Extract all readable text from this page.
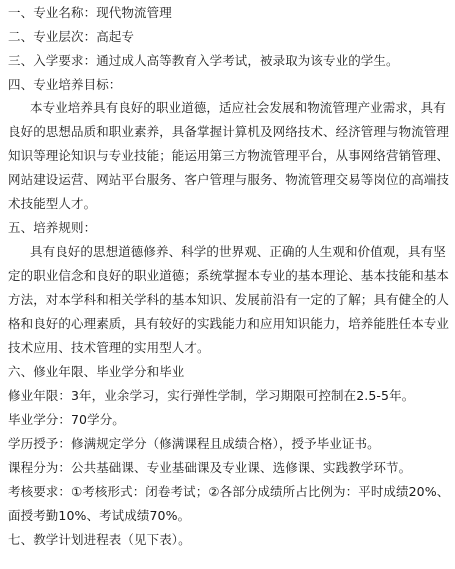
一、专业名称：现代物流管理
二、专业层次：高起专
三、入学要求：通过成人高等教育入学考试，被录取为该专业的学生。
四、专业培养目标：
本专业培养具有良好的职业道德，适应社会发展和物流管理产业需求，具有
良好的思想品质和职业素养，具备掌握计算机及网络技术、经济管理与物流管理
知识等理论知识与专业技能；能运用第三方物流管理平台，从事网络营销管理、
网站建设运营、网站平台服务、客户管理与服务、物流管理交易等岗位的高端技
术技能型人才。
五、培养规则：
具有良好的思想道德修养、科学的世界观、正确的人生观和价值观，具有坚
定的职业信念和良好的职业道德；系统掌握本专业的基本理论、基本技能和基本
方法，对本学科和相关学科的基本知识、发展前沿有一定的了解；具有健全的人
格和良好的心理素质，具有较好的实践能力和应用知识能力，培养能胜任本专业
技术应用、技术管理的实用型人才。
六、修业年限、毕业学分和毕业
修业年限：3年，业余学习，实行弹性学制，学习期限可控制在2.5-5年。
毕业学分：70学分。
学历授予：修满规定学分（修满课程且成绩合格），授予毕业证书。
课程分为：公共基础课、专业基础课及专业课、选修课、实践教学环节。
考核要求：①考核形式：闭卷考试；②各部分成绩所占比例为：平时成绩20%、
面授考勤10%、考试成绩70%。
七、教学计划进程表（见下表）。
